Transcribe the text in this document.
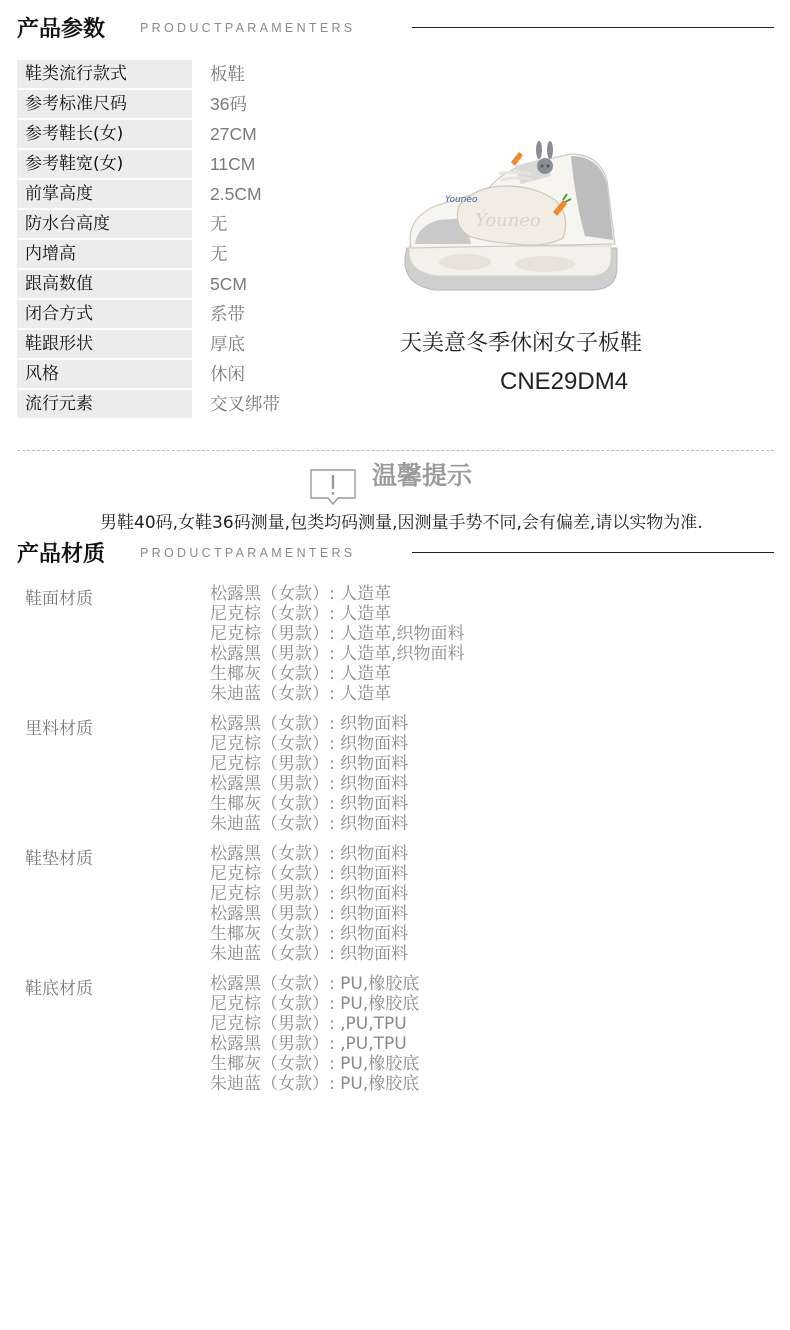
产品参数	PRODUCTPARAMENTERS
鞋类流行款式	板鞋
参考标准尺码	36码
参考鞋长(女)	27CM
参考鞋宽(女)	11CM
前掌高度	2.5CM
防水台高度	无
内增高	无
跟高数值	5CM
闭合方式	系带
鞋跟形状	厚底
风格	休闲
流行元素	交叉绑带
Ýouneo
Youneo
天美意冬季休闲女子板鞋
CNE29DM4
温馨提示
男鞋40码,女鞋36码测量,包类均码测量,因测量手势不同,会有偏差,请以实物为准.
产品材质	PRODUCTPARAMENTERS
鞋面材质	松露黑（女款）: 人造革
尼克棕（女款）: 人造革
尼克棕（男款）: 人造革,织物面料
松露黑（男款）: 人造革,织物面料
生椰灰（女款）: 人造革
朱迪蓝（女款）: 人造革
里料材质	松露黑（女款）: 织物面料
尼克棕（女款）: 织物面料
尼克棕（男款）: 织物面料
松露黑（男款）: 织物面料
生椰灰（女款）: 织物面料
朱迪蓝（女款）: 织物面料
鞋垫材质	松露黑（女款）: 织物面料
尼克棕（女款）: 织物面料
尼克棕（男款）: 织物面料
松露黑（男款）: 织物面料
生椰灰（女款）: 织物面料
朱迪蓝（女款）: 织物面料
鞋底材质	松露黑（女款）: PU,橡胶底
尼克棕（女款）: PU,橡胶底
尼克棕（男款）: ,PU,TPU
松露黑（男款）: ,PU,TPU
生椰灰（女款）: PU,橡胶底
朱迪蓝（女款）: PU,橡胶底
